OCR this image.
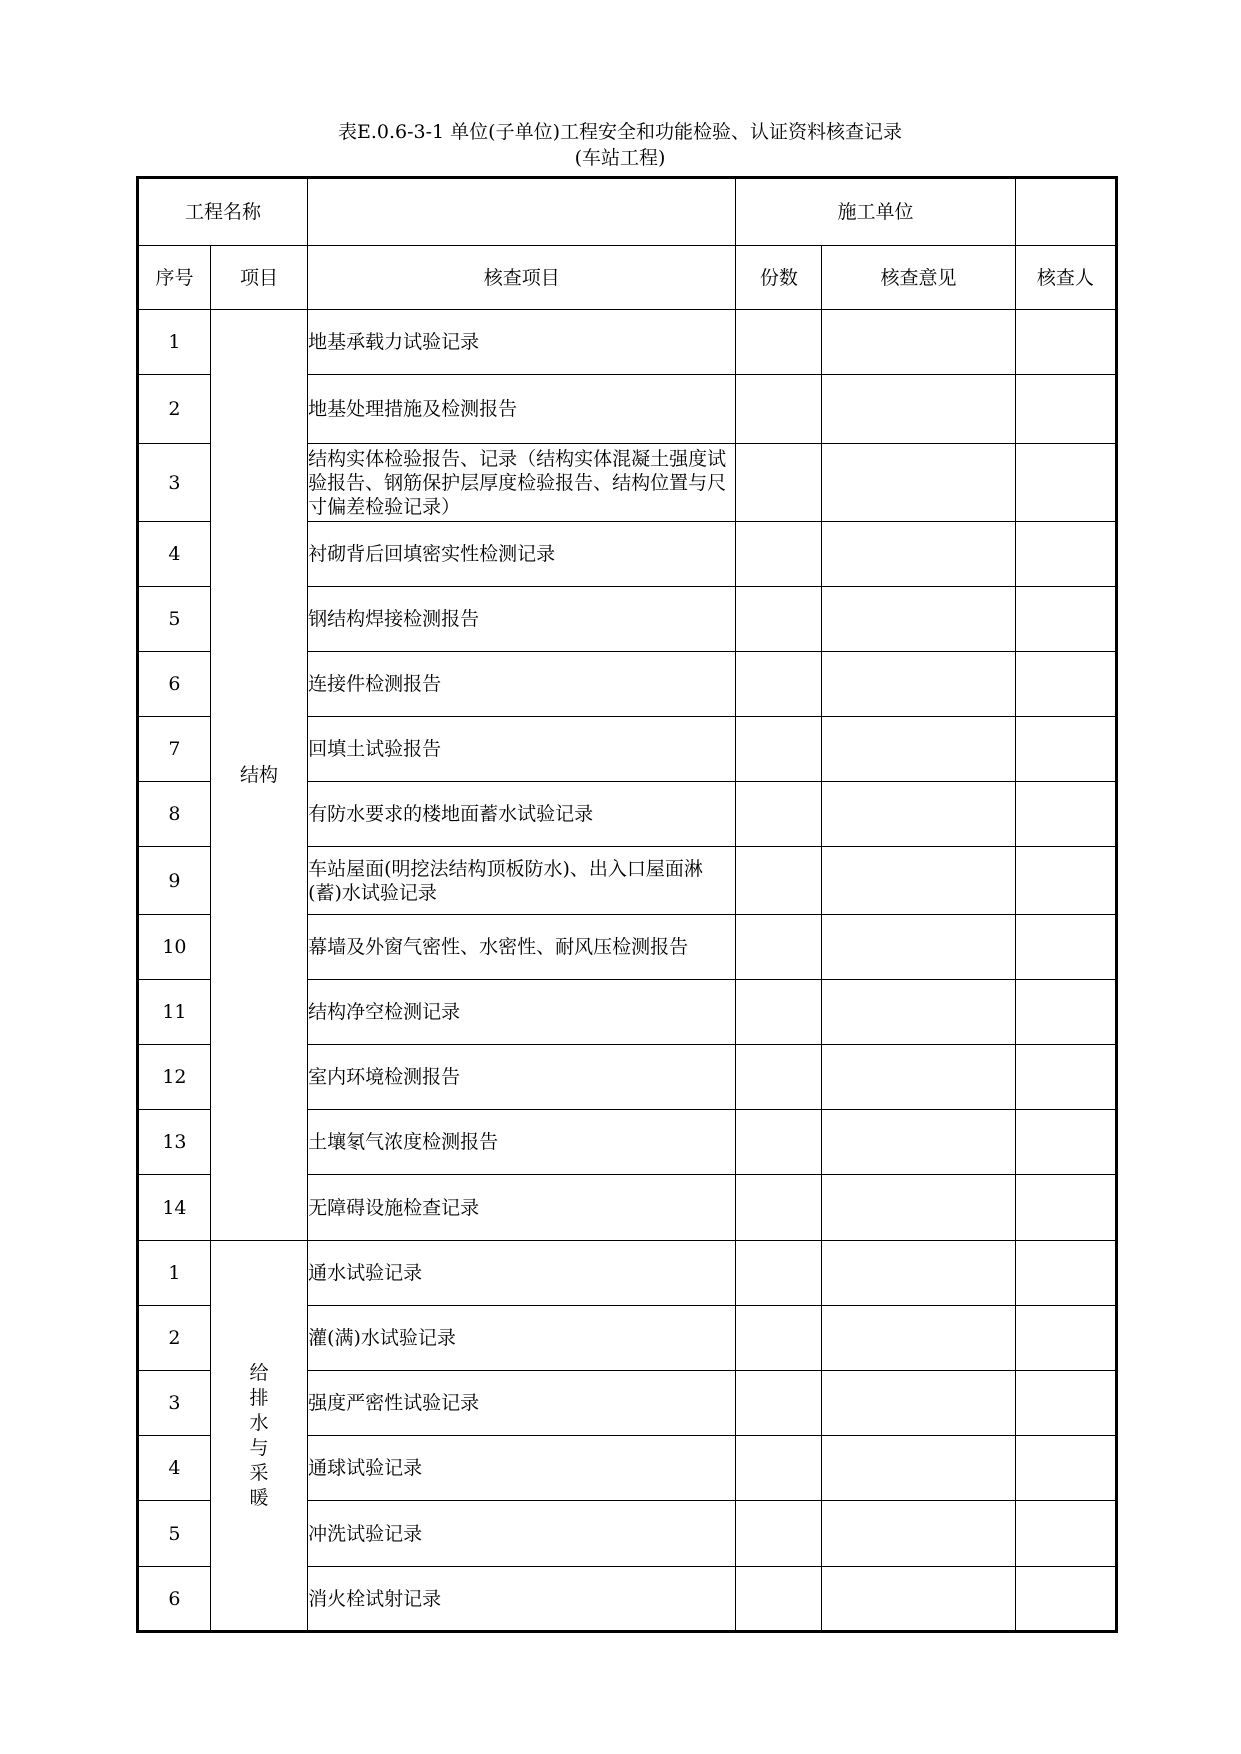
表E.0.6-3-1 单位(子单位)工程安全和功能检验、认证资料核查记录
(车站工程)
工程名称			施工单位		
序号	项目	核查项目	份数	核查意见	核查人
1	结构	地基承载力试验记录			
2		地基处理措施及检测报告			
3		结构实体检验报告、记录（结构实体混凝土强度试验报告、钢筋保护层厚度检验报告、结构位置与尺寸偏差检验记录）			
4		衬砌背后回填密实性检测记录			
5		钢结构焊接检测报告			
6		连接件检测报告			
7		回填土试验报告			
8		有防水要求的楼地面蓄水试验记录			
9		车站屋面(明挖法结构顶板防水)、出入口屋面淋(蓄)水试验记录			
10		幕墙及外窗气密性、水密性、耐风压检测报告			
11		结构净空检测记录			
12		室内环境检测报告			
13		土壤氡气浓度检测报告			
14		无障碍设施检查记录			
1	给排水与采暖	通水试验记录			
2		灌(满)水试验记录			
3		强度严密性试验记录			
4		通球试验记录			
5		冲洗试验记录			
6		消火栓试射记录			
